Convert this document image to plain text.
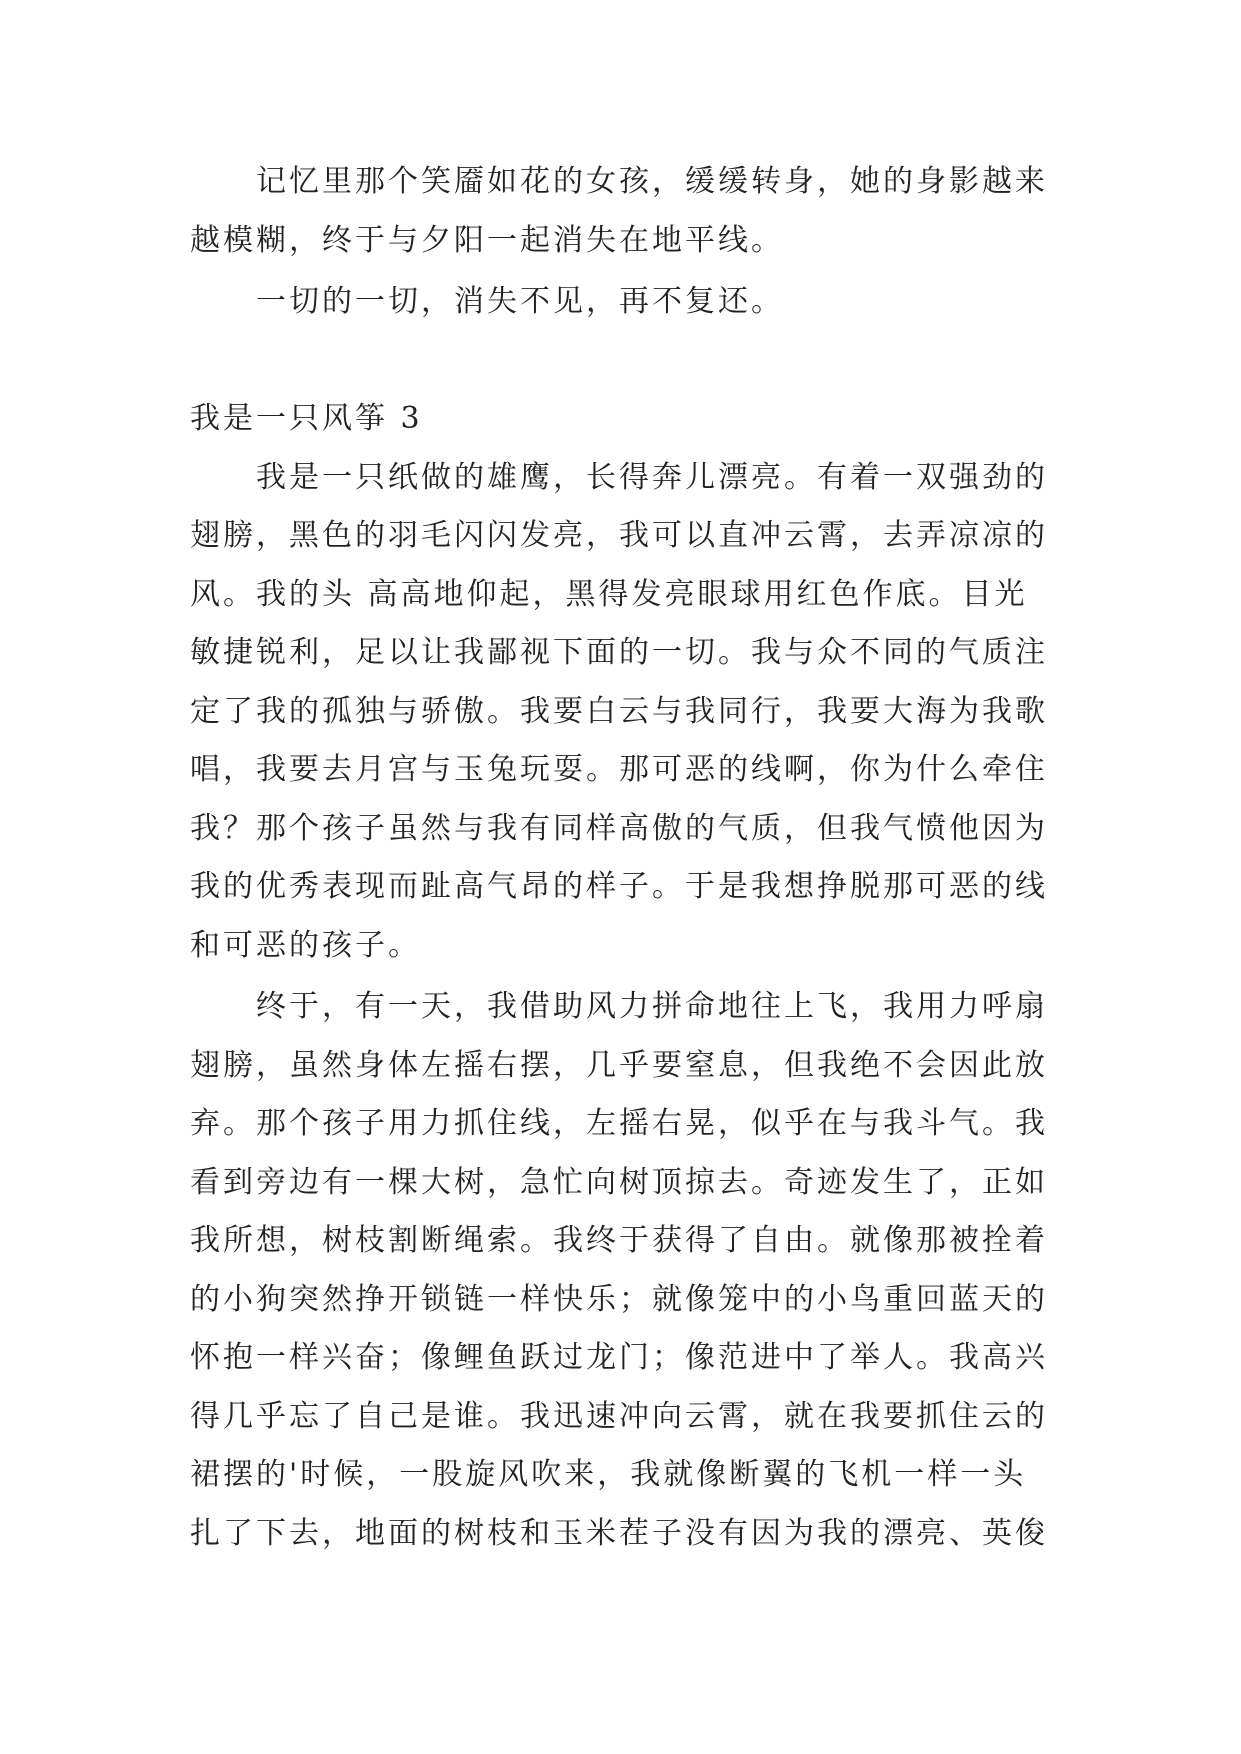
记忆里那个笑靥如花的女孩，缓缓转身，她的身影越来
越模糊，终于与夕阳一起消失在地平线。
一切的一切，消失不见，再不复还。
我是一只风筝 3
我是一只纸做的雄鹰，长得奔儿漂亮。有着一双强劲的
翅膀，黑色的羽毛闪闪发亮，我可以直冲云霄，去弄凉凉的
风。我的头 高高地仰起，黑得发亮眼球用红色作底。目光
敏捷锐利，足以让我鄙视下面的一切。我与众不同的气质注
定了我的孤独与骄傲。我要白云与我同行，我要大海为我歌
唱，我要去月宫与玉兔玩耍。那可恶的线啊，你为什么牵住
我？那个孩子虽然与我有同样高傲的气质，但我气愤他因为
我的优秀表现而趾高气昂的样子。于是我想挣脱那可恶的线
和可恶的孩子。
终于，有一天，我借助风力拼命地往上飞，我用力呼扇
翅膀，虽然身体左摇右摆，几乎要窒息，但我绝不会因此放
弃。那个孩子用力抓住线，左摇右晃，似乎在与我斗气。我
看到旁边有一棵大树，急忙向树顶掠去。奇迹发生了，正如
我所想，树枝割断绳索。我终于获得了自由。就像那被拴着
的小狗突然挣开锁链一样快乐；就像笼中的小鸟重回蓝天的
怀抱一样兴奋；像鲤鱼跃过龙门；像范进中了举人。我高兴
得几乎忘了自己是谁。我迅速冲向云霄，就在我要抓住云的
裙摆的'时候，一股旋风吹来，我就像断翼的飞机一样一头
扎了下去，地面的树枝和玉米茬子没有因为我的漂亮、英俊
